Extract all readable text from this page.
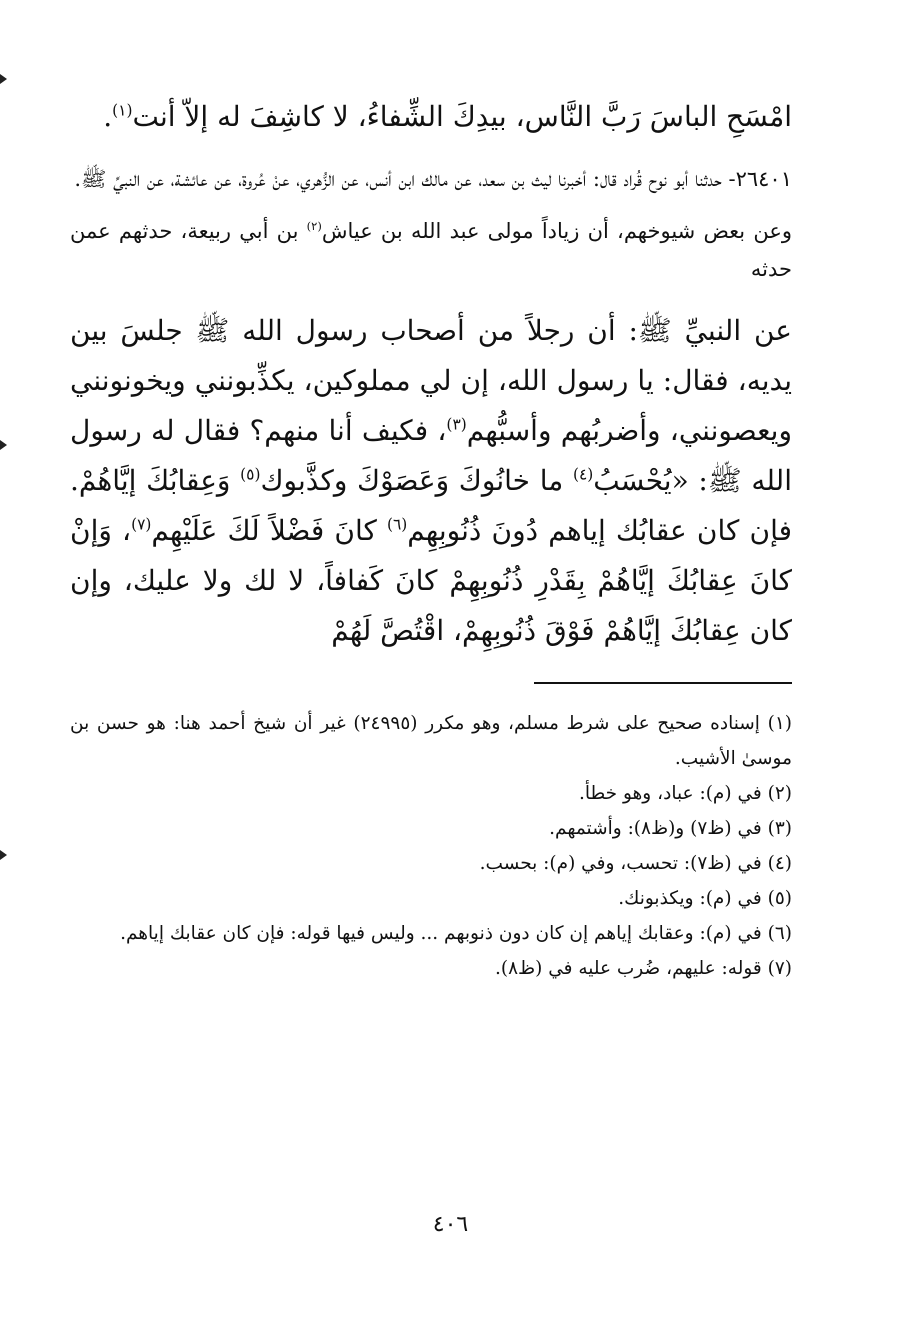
امْسَحِ الباسَ رَبَّ النَّاس، بيدِكَ الشِّفاءُ، لا كاشِفَ له إلاّ أنت$^{(١)}$.

٢٦٤٠١- حدثنا أبو نوح قُراد قال: أخبرنا ليث بن سعد، عن مالك ابن أنس، عن الزُّهري، عنْ عُروة، عن عائشة، عن النبيِّ ﷺ.

وعن بعض شيوخهم، أن زياداً مولى عبد الله بن عياش$^{(٢)}$ بن أبي ربيعة، حدثهم عمن حدثه

عن النبيِّ ﷺ: أن رجلاً من أصحاب رسول الله ﷺ جلسَ بين يديه، فقال: يا رسول الله، إن لي مملوكين، يكذِّبونني ويخونونني ويعصونني، وأضربُهم وأسبُّهم$^{(٣)}$، فكيف أنا منهم؟ فقال له رسول الله ﷺ: «يُحْسَبُ$^{(٤)}$ ما خانُوكَ وَعَصَوْكَ وكذَّبوك$^{(٥)}$ وَعِقابُكَ إيَّاهُمْ. فإن كان عقابُك إياهم دُونَ ذُنُوبِهِم$^{(٦)}$ كانَ فَضْلاً لَكَ عَلَيْهِم$^{(٧)}$، وَإنْ كانَ عِقابُكَ إيَّاهُمْ بِقَدْرِ ذُنُوبِهِمْ كانَ كَفافاً، لا لك ولا عليك، وإن كان عِقابُكَ إيَّاهُمْ فَوْقَ ذُنُوبِهِمْ، اقْتُصَّ لَهُمْ

(١) إسناده صحيح على شرط مسلم، وهو مكرر (٢٤٩٩٥) غير أن شيخ أحمد هنا: هو حسن بن موسىٰ الأشيب.

(٢) في (م): عباد، وهو خطأ.

(٣) في (ظ٧) و(ظ٨): وأشتمهم.

(٤) في (ظ٧): تحسب، وفي (م): بحسب.

(٥) في (م): ويكذبونك.

(٦) في (م): وعقابك إياهم إن كان دون ذنوبهم ... وليس فيها قوله: فإن كان عقابك إياهم.

(٧) قوله: عليهم، ضُرب عليه في (ظ٨).

٤٠٦
